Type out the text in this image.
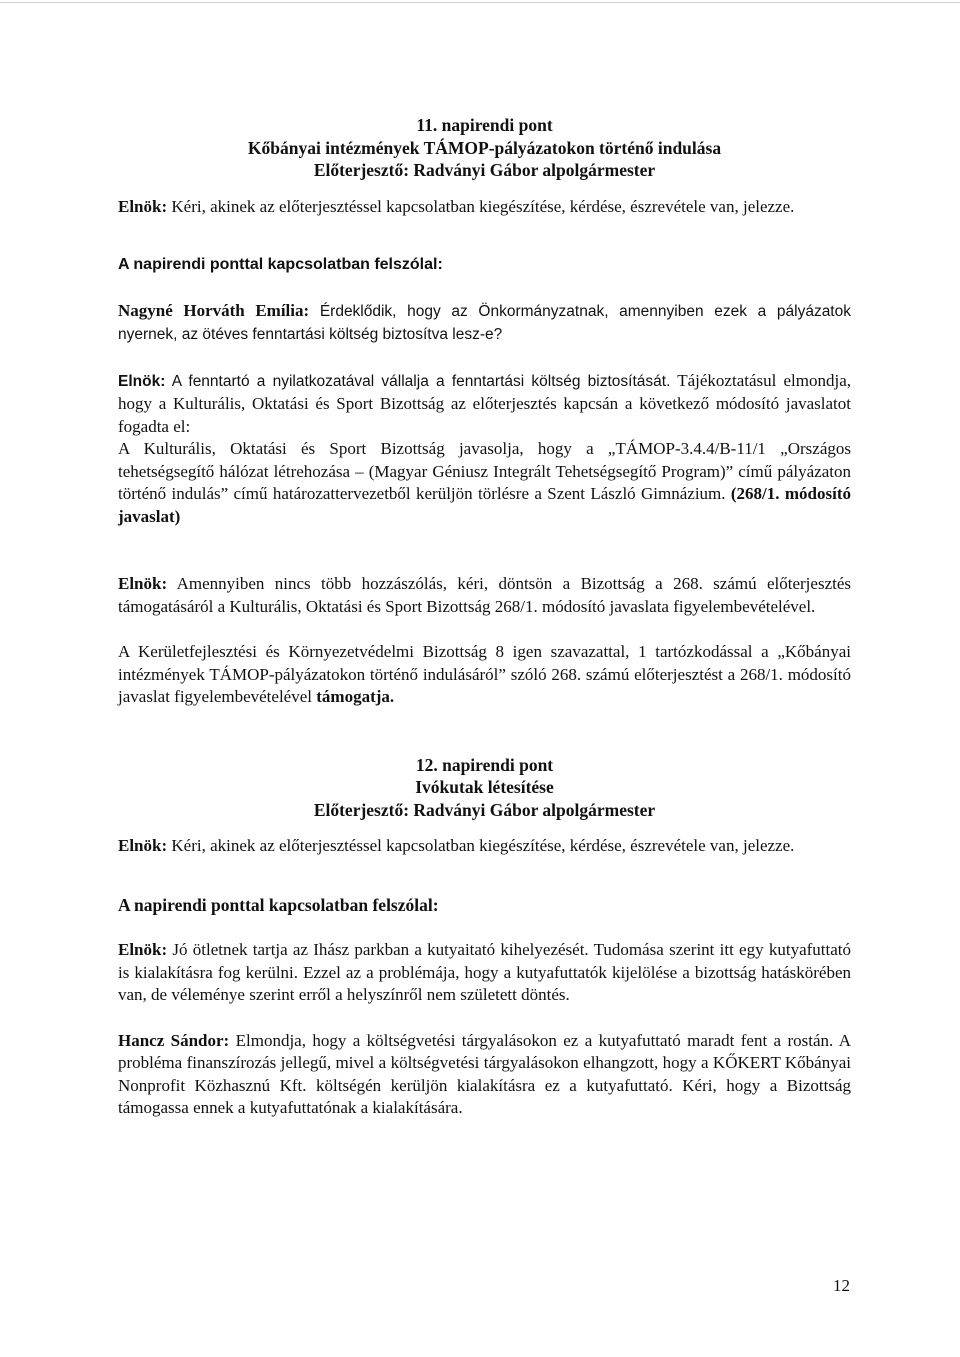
11. napirendi pont
Kőbányai intézmények TÁMOP-pályázatokon történő indulása
Előterjesztő: Radványi Gábor alpolgármester

Elnök: Kéri, akinek az előterjesztéssel kapcsolatban kiegészítése, kérdése, észrevétele van, jelezze.

A napirendi ponttal kapcsolatban felszólal:

Nagyné Horváth Emília: Érdeklődik, hogy az Önkormányzatnak, amennyiben ezek a pályázatok nyernek, az ötéves fenntartási költség biztosítva lesz-e?

Elnök: A fenntartó a nyilatkozatával vállalja a fenntartási költség biztosítását. Tájékoztatásul elmondja, hogy a Kulturális, Oktatási és Sport Bizottság az előterjesztés kapcsán a következő módosító javaslatot fogadta el:
A Kulturális, Oktatási és Sport Bizottság javasolja, hogy a „TÁMOP-3.4.4/B-11/1 „Országos tehetségsegítő hálózat létrehozása – (Magyar Géniusz Integrált Tehetségsegítő Program)” című pályázaton történő indulás” című határozattervezetből kerüljön törlésre a Szent László Gimnázium. (268/1. módosító javaslat)

Elnök: Amennyiben nincs több hozzászólás, kéri, döntsön a Bizottság a 268. számú előterjesztés támogatásáról a Kulturális, Oktatási és Sport Bizottság 268/1. módosító javaslata figyelembevételével.

A Kerületfejlesztési és Környezetvédelmi Bizottság 8 igen szavazattal, 1 tartózkodással a „Kőbányai intézmények TÁMOP-pályázatokon történő indulásáról” szóló 268. számú előterjesztést a 268/1. módosító javaslat figyelembevételével támogatja.

12. napirendi pont
Ivókutak létesítése
Előterjesztő: Radványi Gábor alpolgármester

Elnök: Kéri, akinek az előterjesztéssel kapcsolatban kiegészítése, kérdése, észrevétele van, jelezze.

A napirendi ponttal kapcsolatban felszólal:

Elnök: Jó ötletnek tartja az Ihász parkban a kutyaitató kihelyezését. Tudomása szerint itt egy kutyafuttató is kialakításra fog kerülni. Ezzel az a problémája, hogy a kutyafuttatók kijelölése a bizottság hatáskörében van, de véleménye szerint erről a helyszínről nem született döntés.

Hancz Sándor: Elmondja, hogy a költségvetési tárgyalásokon ez a kutyafuttató maradt fent a rostán. A probléma finanszírozás jellegű, mivel a költségvetési tárgyalásokon elhangzott, hogy a KŐKERT Kőbányai Nonprofit Közhasznú Kft. költségén kerüljön kialakításra ez a kutyafuttató. Kéri, hogy a Bizottság támogassa ennek a kutyafuttatónak a kialakítására.

12
